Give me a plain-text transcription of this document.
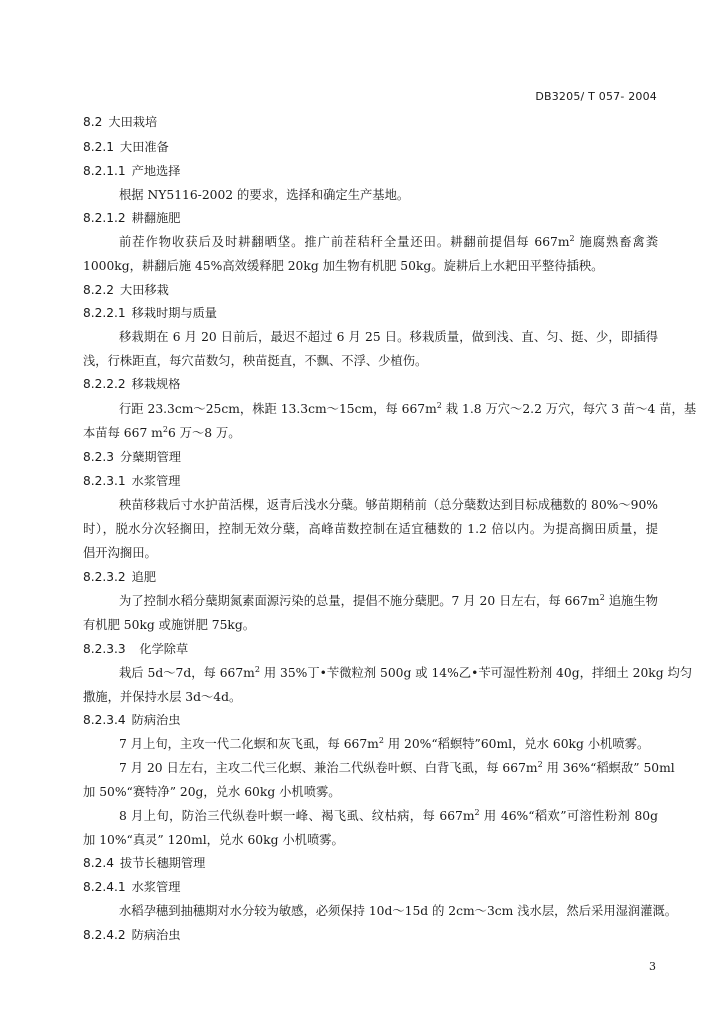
DB3205/ T 057- 2004
8.2 大田栽培
8.2.1 大田准备
8.2.1.1 产地选择
根据 NY5116-2002 的要求，选择和确定生产基地。
8.2.1.2 耕翻施肥
前茬作物收获后及时耕翻晒垡。推广前茬秸秆全量还田。耕翻前提倡每 $667m^2$ 施腐熟畜禽粪
1000kg，耕翻后施 45%高效缓释肥 20kg 加生物有机肥 50kg。旋耕后上水耙田平整待插秧。
8.2.2 大田移栽
8.2.2.1 移栽时期与质量
移栽期在 6 月 20 日前后，最迟不超过 6 月 25 日。移栽质量，做到浅、直、匀、挺、少，即插得
浅，行株距直，每穴苗数匀，秧苗挺直，不飘、不浮、少植伤。
8.2.2.2 移栽规格
行距 23.3cm～25cm，株距 13.3cm～15cm，每 $667m^2$ 栽 1.8 万穴～2.2 万穴，每穴 3 苗～4 苗，基
本苗每 667 $m^26$ 万～8 万。
8.2.3 分蘖期管理
8.2.3.1 水浆管理
秧苗移栽后寸水护苗活棵，返青后浅水分蘖。够苗期稍前（总分蘖数达到目标成穗数的 80%～90%
时），脱水分次轻搁田，控制无效分蘖，高峰苗数控制在适宜穗数的 1.2 倍以内。为提高搁田质量，提
倡开沟搁田。
8.2.3.2 追肥
为了控制水稻分蘖期氮素面源污染的总量，提倡不施分蘖肥。7 月 20 日左右，每 $667m^2$ 追施生物
有机肥 50kg 或施饼肥 75kg。
8.2.3.3 化学除草
栽后 5d～7d，每 $667m^2$ 用 35%丁•苄微粒剂 500g 或 14%乙•苄可湿性粉剂 40g，拌细土 20kg 均匀
撒施，并保持水层 3d～4d。
8.2.3.4 防病治虫
7 月上旬，主攻一代二化螟和灰飞虱，每 $667m^2$ 用 20%“稻螟特”60ml，兑水 60kg 小机喷雾。
7 月 20 日左右，主攻二代三化螟、兼治二代纵卷叶螟、白背飞虱，每 $667m^2$ 用 36%“稻螟敌” 50ml
加 50%“赛特净” 20g，兑水 60kg 小机喷雾。
8 月上旬，防治三代纵卷叶螟一峰、褐飞虱、纹枯病，每 $667m^2$ 用 46%“稻欢”可溶性粉剂 80g
加 10%“真灵” 120ml，兑水 60kg 小机喷雾。
8.2.4 拔节长穗期管理
8.2.4.1 水浆管理
水稻孕穗到抽穗期对水分较为敏感，必须保持 10d～15d 的 2cm～3cm 浅水层，然后采用湿润灌溉。
8.2.4.2 防病治虫
3
